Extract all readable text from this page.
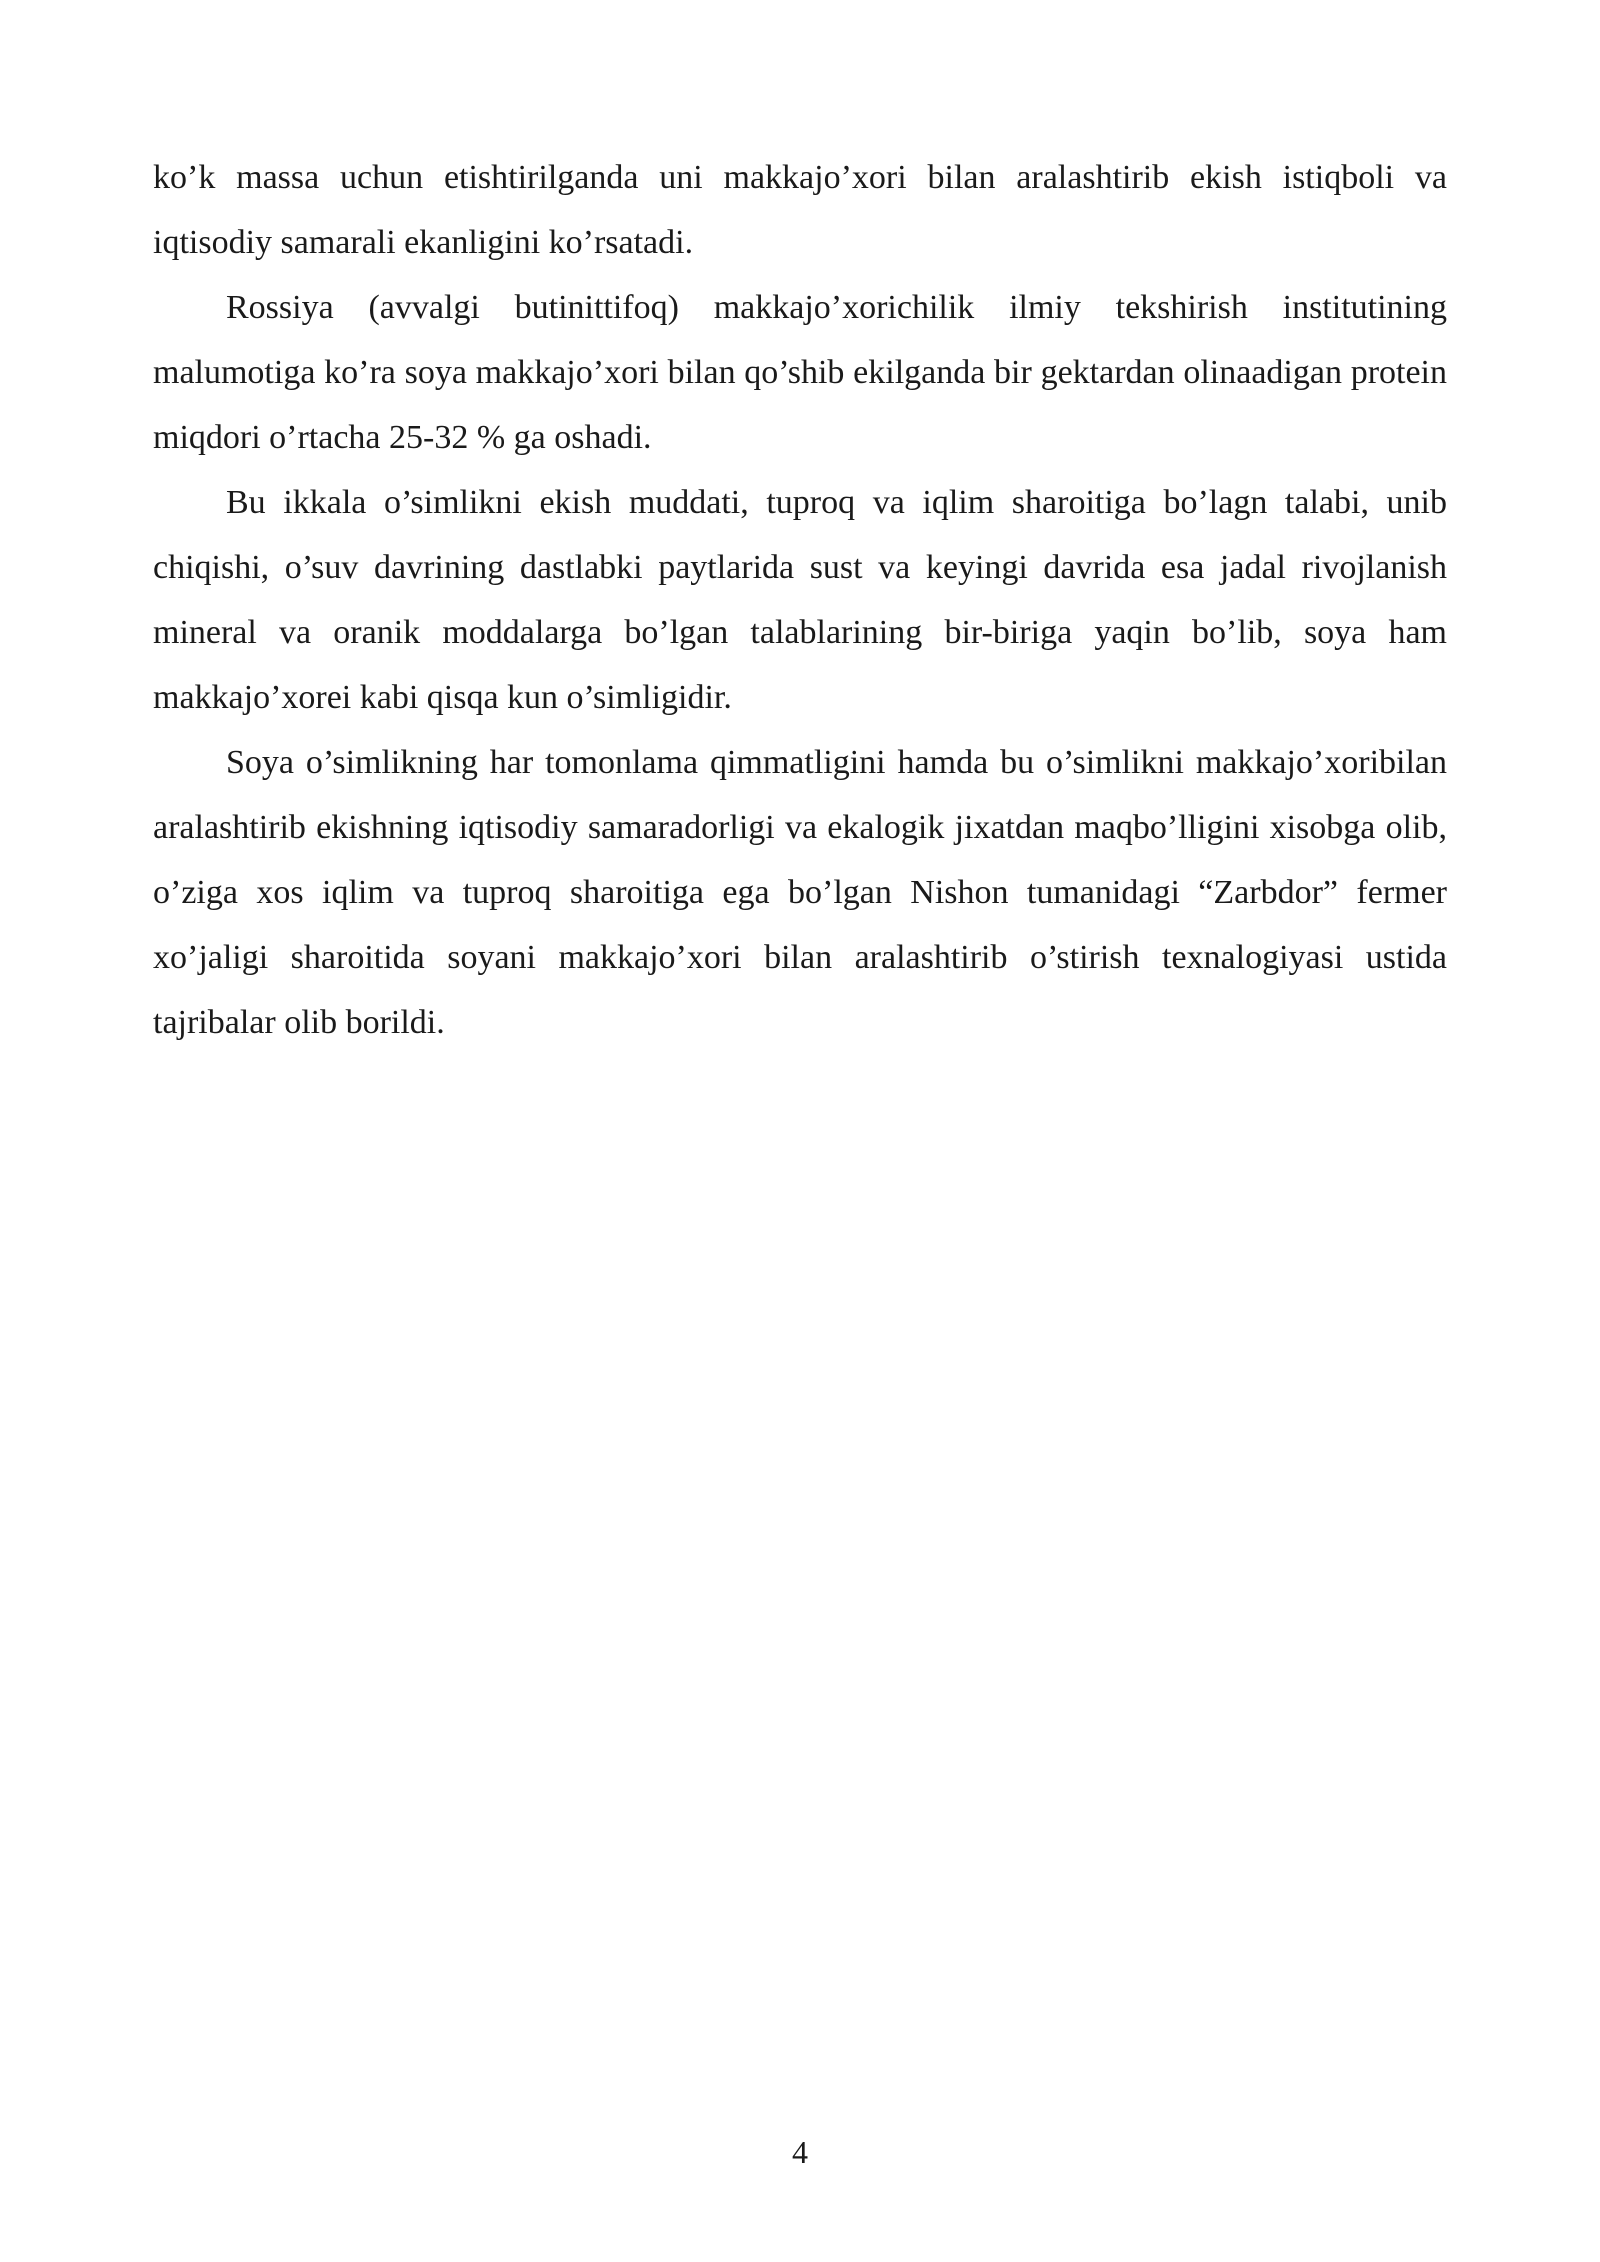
ko’k massa uchun etishtirilganda uni makkajo’xori bilan aralashtirib ekish istiqboli va iqtisodiy samarali ekanligini ko’rsatadi.

Rossiya (avvalgi butinittifoq) makkajo’xorichilik ilmiy tekshirish institutining malumotiga ko’ra soya makkajo’xori bilan qo’shib ekilganda bir gektardan olinaadigan protein miqdori o’rtacha 25-32 % ga oshadi.

Bu ikkala o’simlikni ekish muddati, tuproq va iqlim sharoitiga bo’lagn talabi, unib chiqishi, o’suv davrining dastlabki paytlarida sust va keyingi davrida esa jadal rivojlanish mineral va oranik moddalarga bo’lgan talablarining bir-biriga yaqin bo’lib, soya ham makkajo’xorei kabi qisqa kun o’simligidir.

Soya o’simlikning har tomonlama qimmatligini hamda bu o’simlikni makkajo’xoribilan aralashtirib ekishning iqtisodiy samaradorligi va ekalogik jixatdan maqbo’lligini xisobga olib, o’ziga xos iqlim va tuproq sharoitiga ega bo’lgan Nishon tumanidagi “Zarbdor” fermer xo’jaligi sharoitida soyani makkajo’xori bilan aralashtirib o’stirish texnalogiyasi ustida tajribalar olib borildi.

4
